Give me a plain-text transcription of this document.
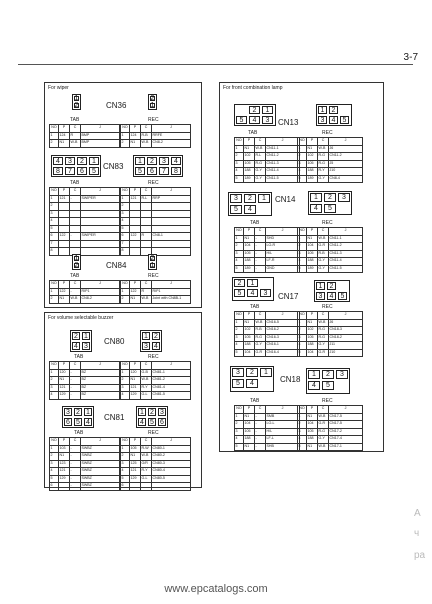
3-7
For wiper
For volume selectable buzzer
For front combination lamp
1
2	CN36
2
1
TAB	REC
NO	P	C	J
1	124	R	BMP
2	N1	W-B	BMP
NO	P	C	J
1	124	R-B	RRFE
2	N1	W-B	CN8-2
4	3	2	1
8	7	6	5 CN83
1	2	3	4
5	6	7	8
TAB	REC
NO	P	C	J
1	121	-	SWIPER
2			
3			
4			
5			
6	122	-	SWIPER
7			
8			
NO	P	C	J
1	121	R-L	RRP
2			
3			
4			
5			
6	122	R	CN8-1
7			
8			
1
2	CN84
2
1
TAB	REC
NO	P	C	J
1	122	-	RIP1
2	N1	W-B	CN8-2
NO	P	C	J
1	122	R	RIP1
2	N1	W-B	Joint with CN8B-1
2 1
4 3 CN80
1 2
3 4
TAB	REC
NO	P	C	J
1	120	-	BZ
2	N1	-	BZ
3	121	-	BZ
4	129	-	BZ
NO	P	C	J
1	120	G-B	CN81-1
2	N1	W-B	CN81-2
3	121	R-Y	CN81-4
4	129	G-L	CN81-5
3 2 1
6 5 4 CN81
1 2 3
4 5 6
TAB	REC
NO	P	C	J
1	103	-	SWBZ
2	N1	-	SWBZ
3	123	-	SWBZ
4	121	-	SWBZ
5	129	-	SWBZ
6		-	SWBZ
NO	P	C	J
1	105	R-W	CN80-1
2	N1	W-B	CN80-2
3	125	G/R	CN80-3
4	121	R-Y	CN80-4
5	129	G-L	CN80-5
6			
2	1
5	4	3	CN13
1	2
3	4	5
TAB	REC
NO	P	C	J
1	N1	W-B	CN11-1
2	102	R-L	CN11-2
3	105	R-G	CN11-3
4	188	G-Y	CN11-4
5	189	G-Y	CN11-5
NO	P	C	J
1	N1	W-B	J6
2	102	R-G	CN11-2
3	105	R-G	J5
4	188	R-Y	J10
5	189	G-Y	CN8-4
3	2	1
5	4
CN14	1	2	3
4	5
TAB	REC
NO	P	C	J
1	N1	-	SHD
2	104	-	LO-R
3	105	-	H/L
4	188	-	LF-R
5	189	-	GND
NO	P	C	J
1	N1	W-B	CN11-1
2	104	G-R	CN11-2
3	105	R-B	CN11-3
4	188	G-Y	CN11-4
5	189	G-Y	CN11-5
2	1
5	4	3	CN17
1	2
3	4	5
TAB	REC
NO	P	C	J
1	N1	W-B	CN16-5
2	102	R-B	CN16-2
3	105	R-G	CN16-3
4	188	G-Y	CN16-1
5	104	G-R	CN16-4
NO	P	C	J
1	N1	W-B	J6
2	102	R-G	CN18-3
3	105	R-G	CN18-2
4	188	G-Y	J11
5	104	G-R	J10
3	2	1
5	4	CN18
1	2	3
4	5
TAB	REC
NO	P	C	J
1	N1	-	SMB
2	104	-	LO-L
3	105	-	H/L
4	188	-	LF-L
5	N1	-	SHB
NO	P	C	J
1	N1	W-B	CN17-5
2	104	G-R	CN17-5
3	105	R-G	CN17-2
4	188	G-Y	CN17-4
5	N1	W-B	CN17-1
www.epcatalogs.com
A
ч
ра
